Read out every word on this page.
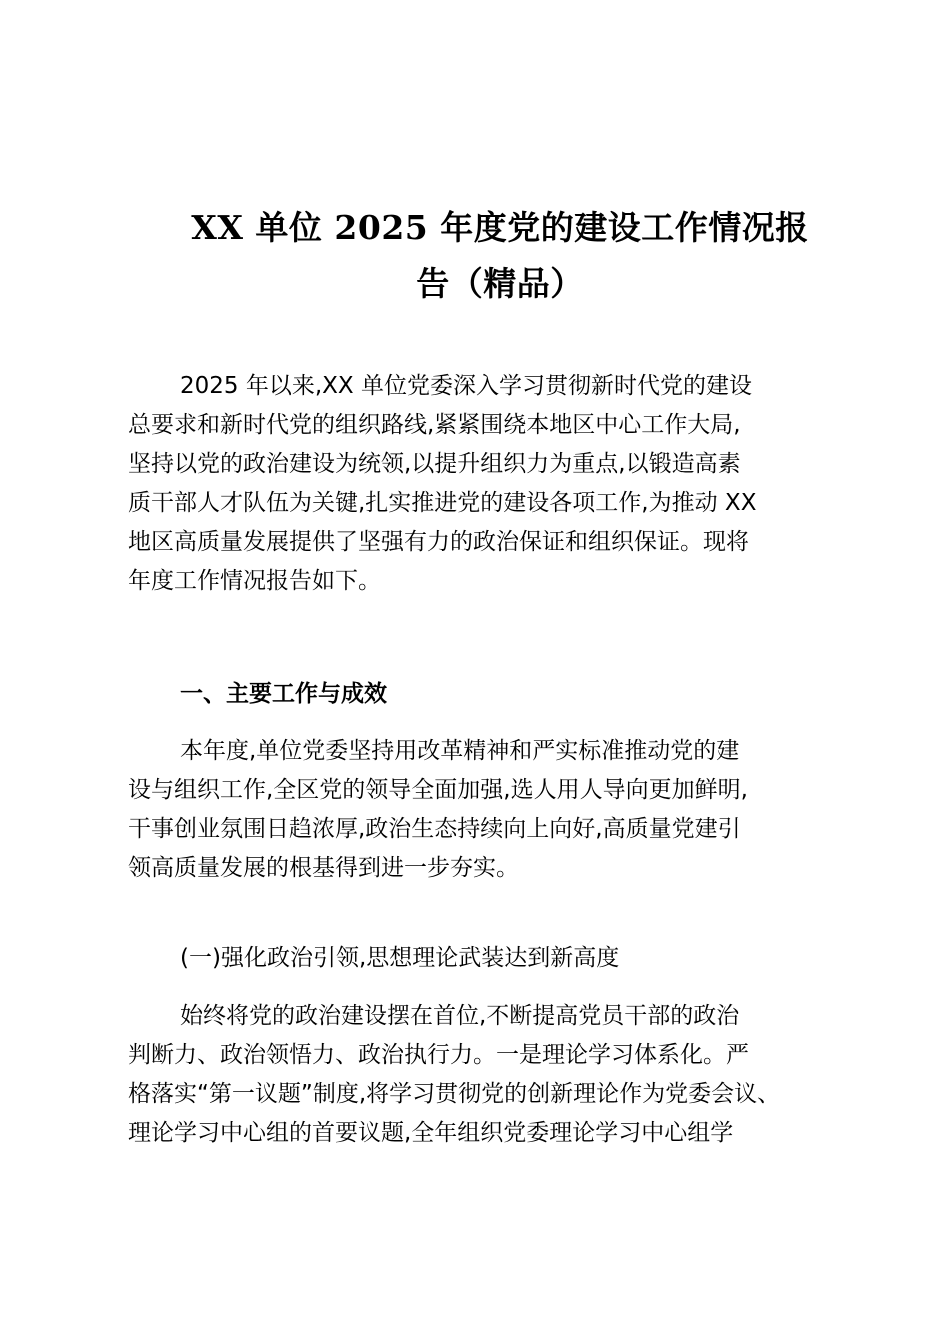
XX 单位 2025 年度党的建设工作情况报
告（精品）
2025 年以来,XX 单位党委深入学习贯彻新时代党的建设
总要求和新时代党的组织路线,紧紧围绕本地区中心工作大局,
坚持以党的政治建设为统领,以提升组织力为重点,以锻造高素
质干部人才队伍为关键,扎实推进党的建设各项工作,为推动 XX
地区高质量发展提供了坚强有力的政治保证和组织保证。现将
年度工作情况报告如下。
一、主要工作与成效
本年度,单位党委坚持用改革精神和严实标准推动党的建
设与组织工作,全区党的领导全面加强,选人用人导向更加鲜明,
干事创业氛围日趋浓厚,政治生态持续向上向好,高质量党建引
领高质量发展的根基得到进一步夯实。
(一)强化政治引领,思想理论武装达到新高度
始终将党的政治建设摆在首位,不断提高党员干部的政治
判断力、政治领悟力、政治执行力。一是理论学习体系化。严
格落实“第一议题”制度,将学习贯彻党的创新理论作为党委会议、
理论学习中心组的首要议题,全年组织党委理论学习中心组学
